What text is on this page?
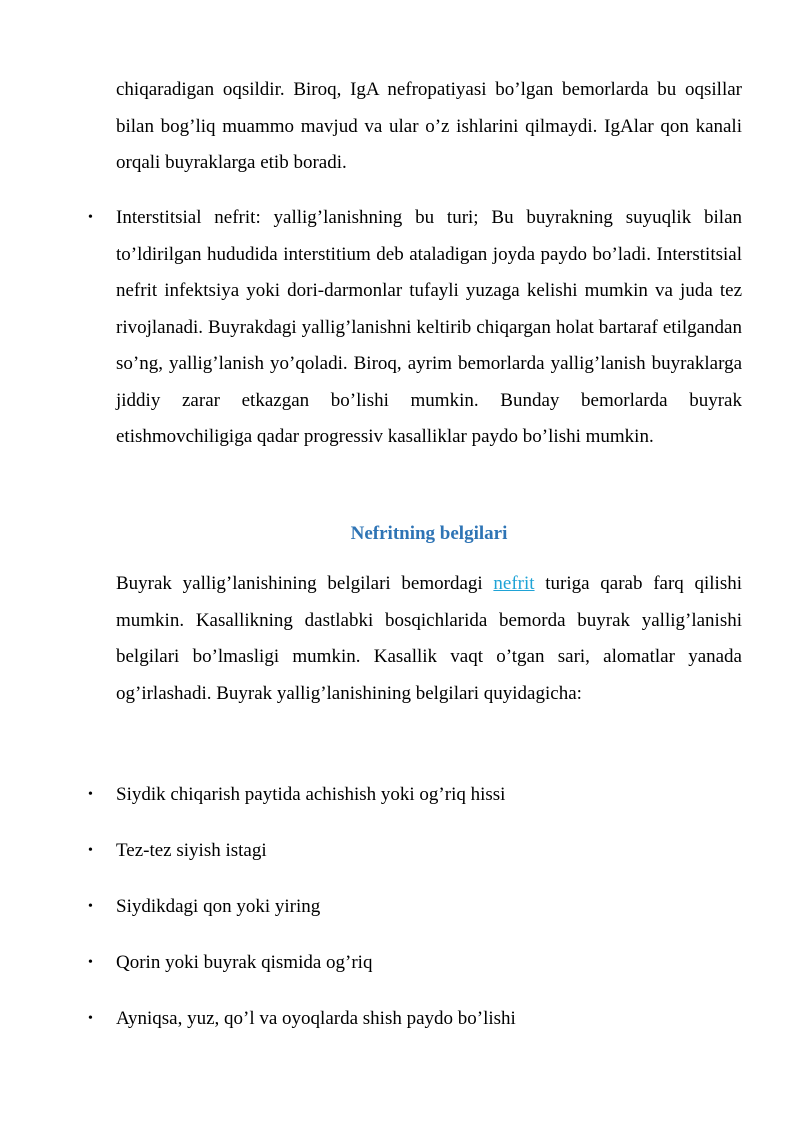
chiqaradigan oqsildir. Biroq, IgA nefropatiyasi bo’lgan bemorlarda bu oqsillar bilan bog’liq muammo mavjud va ular o’z ishlarini qilmaydi. IgAlar qon kanali orqali buyraklarga etib boradi.

• Interstitsial nefrit: yallig’lanishning bu turi; Bu buyrakning suyuqlik bilan to’ldirilgan hududida interstitium deb ataladigan joyda paydo bo’ladi. Interstitsial nefrit infektsiya yoki dori-darmonlar tufayli yuzaga kelishi mumkin va juda tez rivojlanadi. Buyrakdagi yallig’lanishni keltirib chiqargan holat bartaraf etilgandan so’ng, yallig’lanish yo’qoladi. Biroq, ayrim bemorlarda yallig’lanish buyraklarga jiddiy zarar etkazgan bo’lishi mumkin. Bunday bemorlarda buyrak etishmovchiligiga qadar progressiv kasalliklar paydo bo’lishi mumkin.

Nefritning belgilari

Buyrak yallig’lanishining belgilari bemordagi nefrit turiga qarab farq qilishi mumkin. Kasallikning dastlabki bosqichlarida bemorda buyrak yallig’lanishi belgilari bo’lmasligi mumkin. Kasallik vaqt o’tgan sari, alomatlar yanada og’irlashadi. Buyrak yallig’lanishining belgilari quyidagicha:

• Siydik chiqarish paytida achishish yoki og’riq hissi
• Tez-tez siyish istagi
• Siydikdagi qon yoki yiring
• Qorin yoki buyrak qismida og’riq
• Ayniqsa, yuz, qo’l va oyoqlarda shish paydo bo’lishi
